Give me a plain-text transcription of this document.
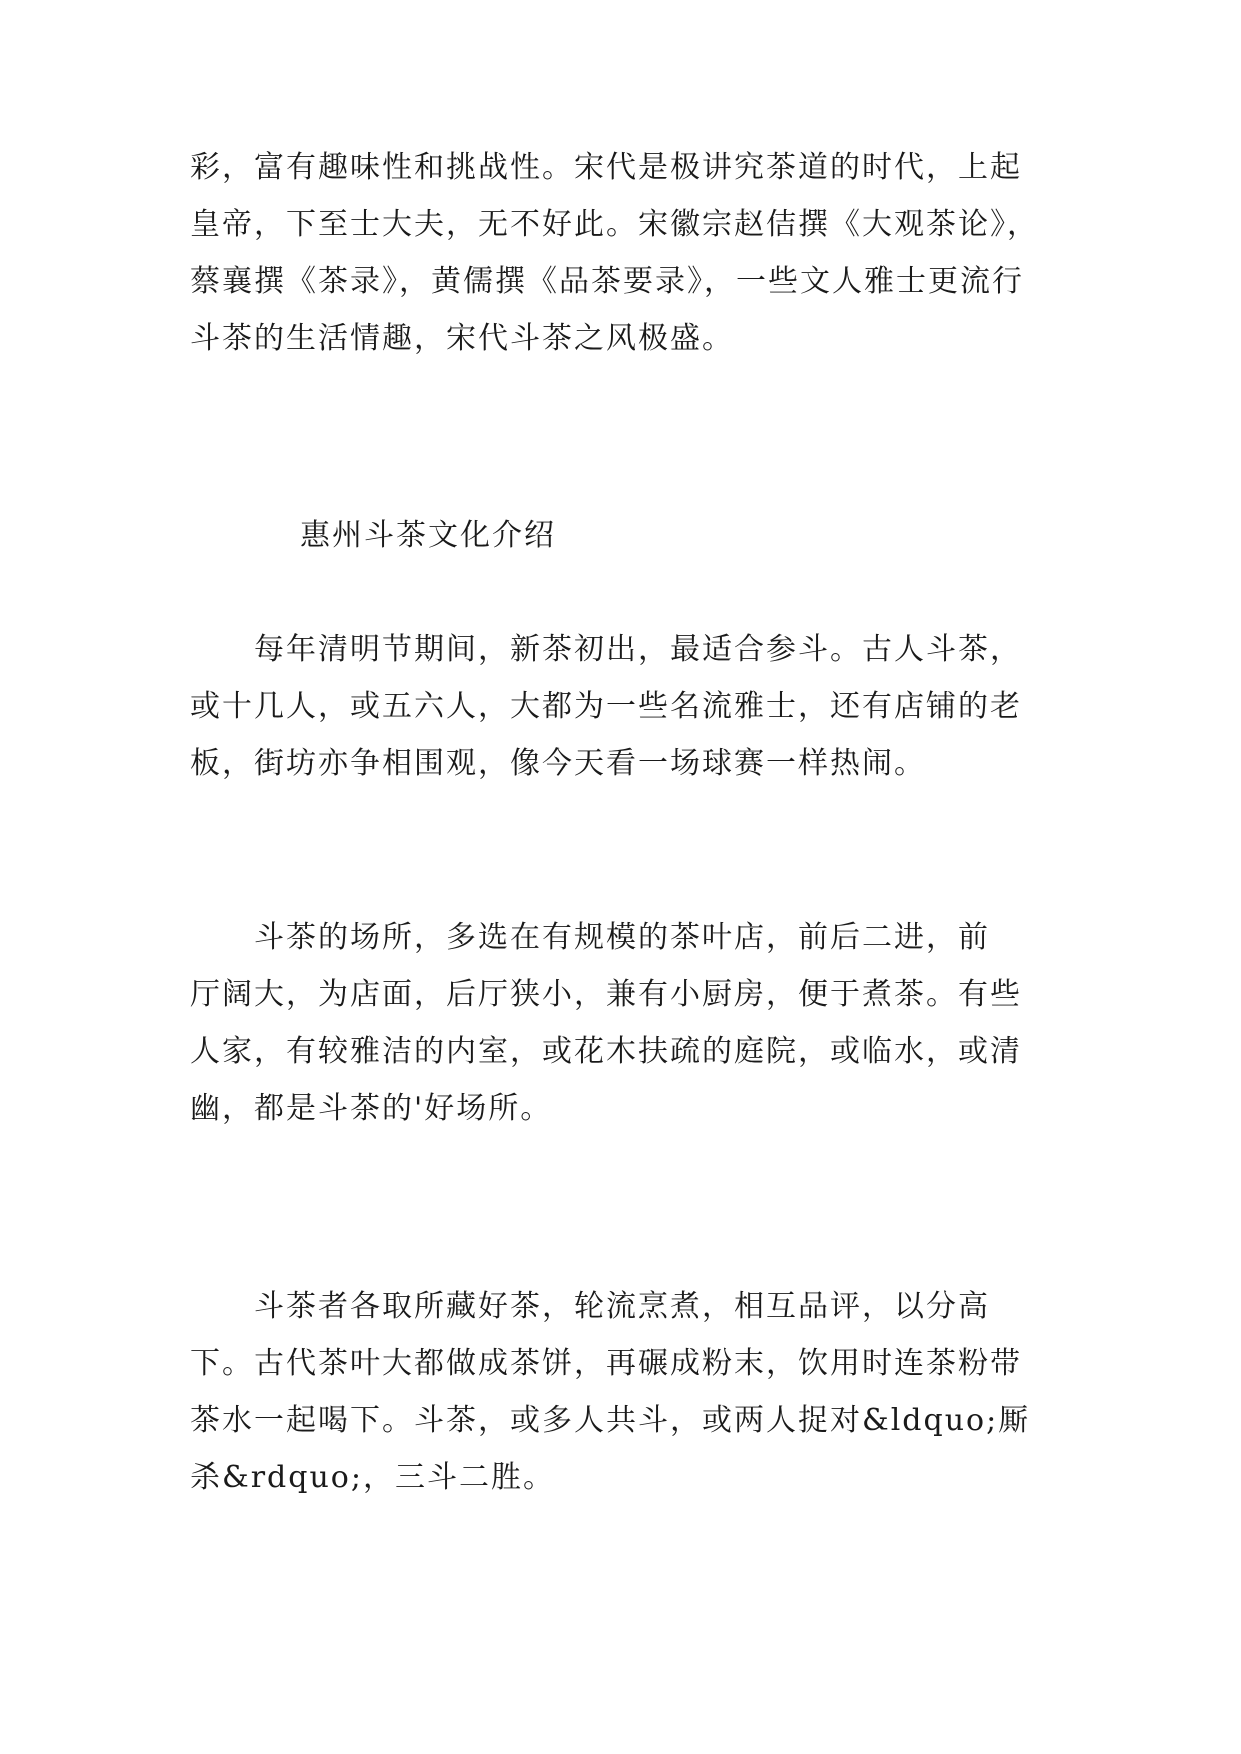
彩，富有趣味性和挑战性。宋代是极讲究茶道的时代，上起

皇帝，下至士大夫，无不好此。宋徽宗赵佶撰《大观茶论》，

蔡襄撰《茶录》，黄儒撰《品茶要录》，一些文人雅士更流行

斗茶的生活情趣，宋代斗茶之风极盛。

惠州斗茶文化介绍

　　每年清明节期间，新茶初出，最适合参斗。古人斗茶，

或十几人，或五六人，大都为一些名流雅士，还有店铺的老

板，街坊亦争相围观，像今天看一场球赛一样热闹。

　　斗茶的场所，多选在有规模的茶叶店，前后二进，前

厅阔大，为店面，后厅狭小，兼有小厨房，便于煮茶。有些

人家，有较雅洁的内室，或花木扶疏的庭院，或临水，或清

幽，都是斗茶的'好场所。

　　斗茶者各取所藏好茶，轮流烹煮，相互品评，以分高

下。古代茶叶大都做成茶饼，再碾成粉末，饮用时连茶粉带

茶水一起喝下。斗茶，或多人共斗，或两人捉对&ldquo;厮

杀&rdquo;，三斗二胜。
